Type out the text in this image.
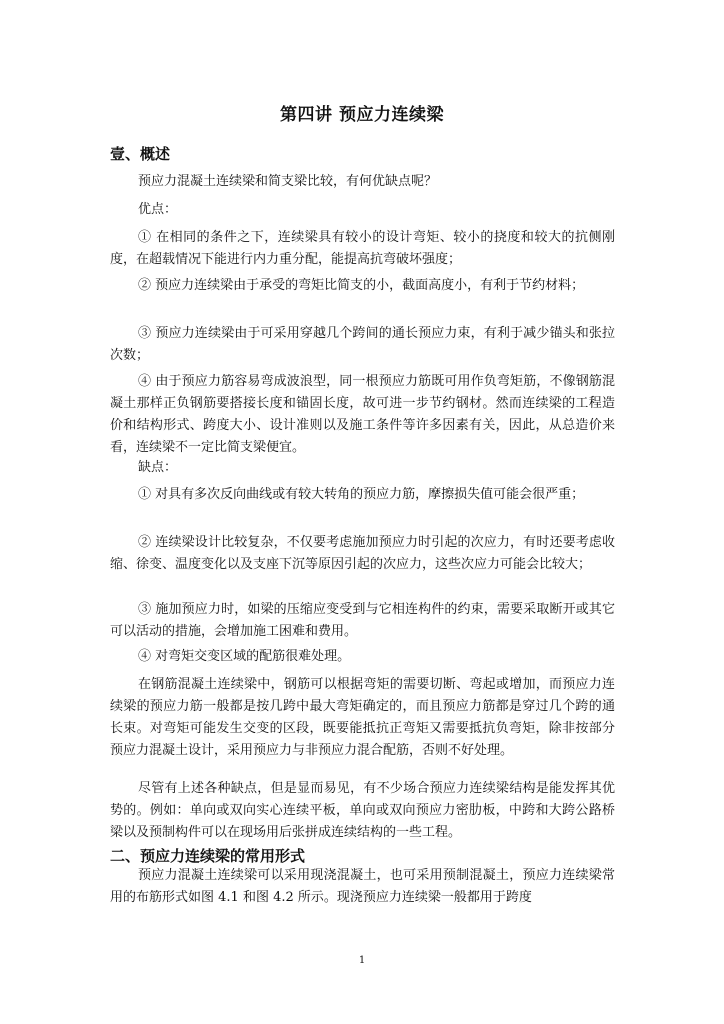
第四讲 预应力连续梁
壹、概述

预应力混凝土连续梁和简支梁比较，有何优缺点呢？

优点：

① 在相同的条件之下，连续梁具有较小的设计弯矩、较小的挠度和较大的抗侧刚度，在超载情况下能进行内力重分配，能提高抗弯破坏强度；

② 预应力连续梁由于承受的弯矩比简支的小，截面高度小，有利于节约材料；

③ 预应力连续梁由于可采用穿越几个跨间的通长预应力束，有利于减少锚头和张拉次数；

④ 由于预应力筋容易弯成波浪型，同一根预应力筋既可用作负弯矩筋，不像钢筋混凝土那样正负钢筋要搭接长度和锚固长度，故可进一步节约钢材。然而连续梁的工程造价和结构形式、跨度大小、设计准则以及施工条件等许多因素有关，因此，从总造价来看，连续梁不一定比简支梁便宜。

缺点：

① 对具有多次反向曲线或有较大转角的预应力筋，摩擦损失值可能会很严重；

② 连续梁设计比较复杂，不仅要考虑施加预应力时引起的次应力，有时还要考虑收缩、徐变、温度变化以及支座下沉等原因引起的次应力，这些次应力可能会比较大；

③ 施加预应力时，如梁的压缩应变受到与它相连构件的约束，需要采取断开或其它可以活动的措施，会增加施工困难和费用。

④ 对弯矩交变区域的配筋很难处理。

在钢筋混凝土连续梁中，钢筋可以根据弯矩的需要切断、弯起或增加，而预应力连续梁的预应力筋一般都是按几跨中最大弯矩确定的，而且预应力筋都是穿过几个跨的通长束。对弯矩可能发生交变的区段，既要能抵抗正弯矩又需要抵抗负弯矩，除非按部分预应力混凝土设计，采用预应力与非预应力混合配筋，否则不好处理。

尽管有上述各种缺点，但是显而易见，有不少场合预应力连续梁结构是能发挥其优势的。例如：单向或双向实心连续平板，单向或双向预应力密肋板，中跨和大跨公路桥梁以及预制构件可以在现场用后张拼成连续结构的一些工程。

二、预应力连续梁的常用形式

预应力混凝土连续梁可以采用现浇混凝土，也可采用预制混凝土，预应力连续梁常用的布筋形式如图 4.1 和图 4.2 所示。现浇预应力连续梁一般都用于跨度

1
